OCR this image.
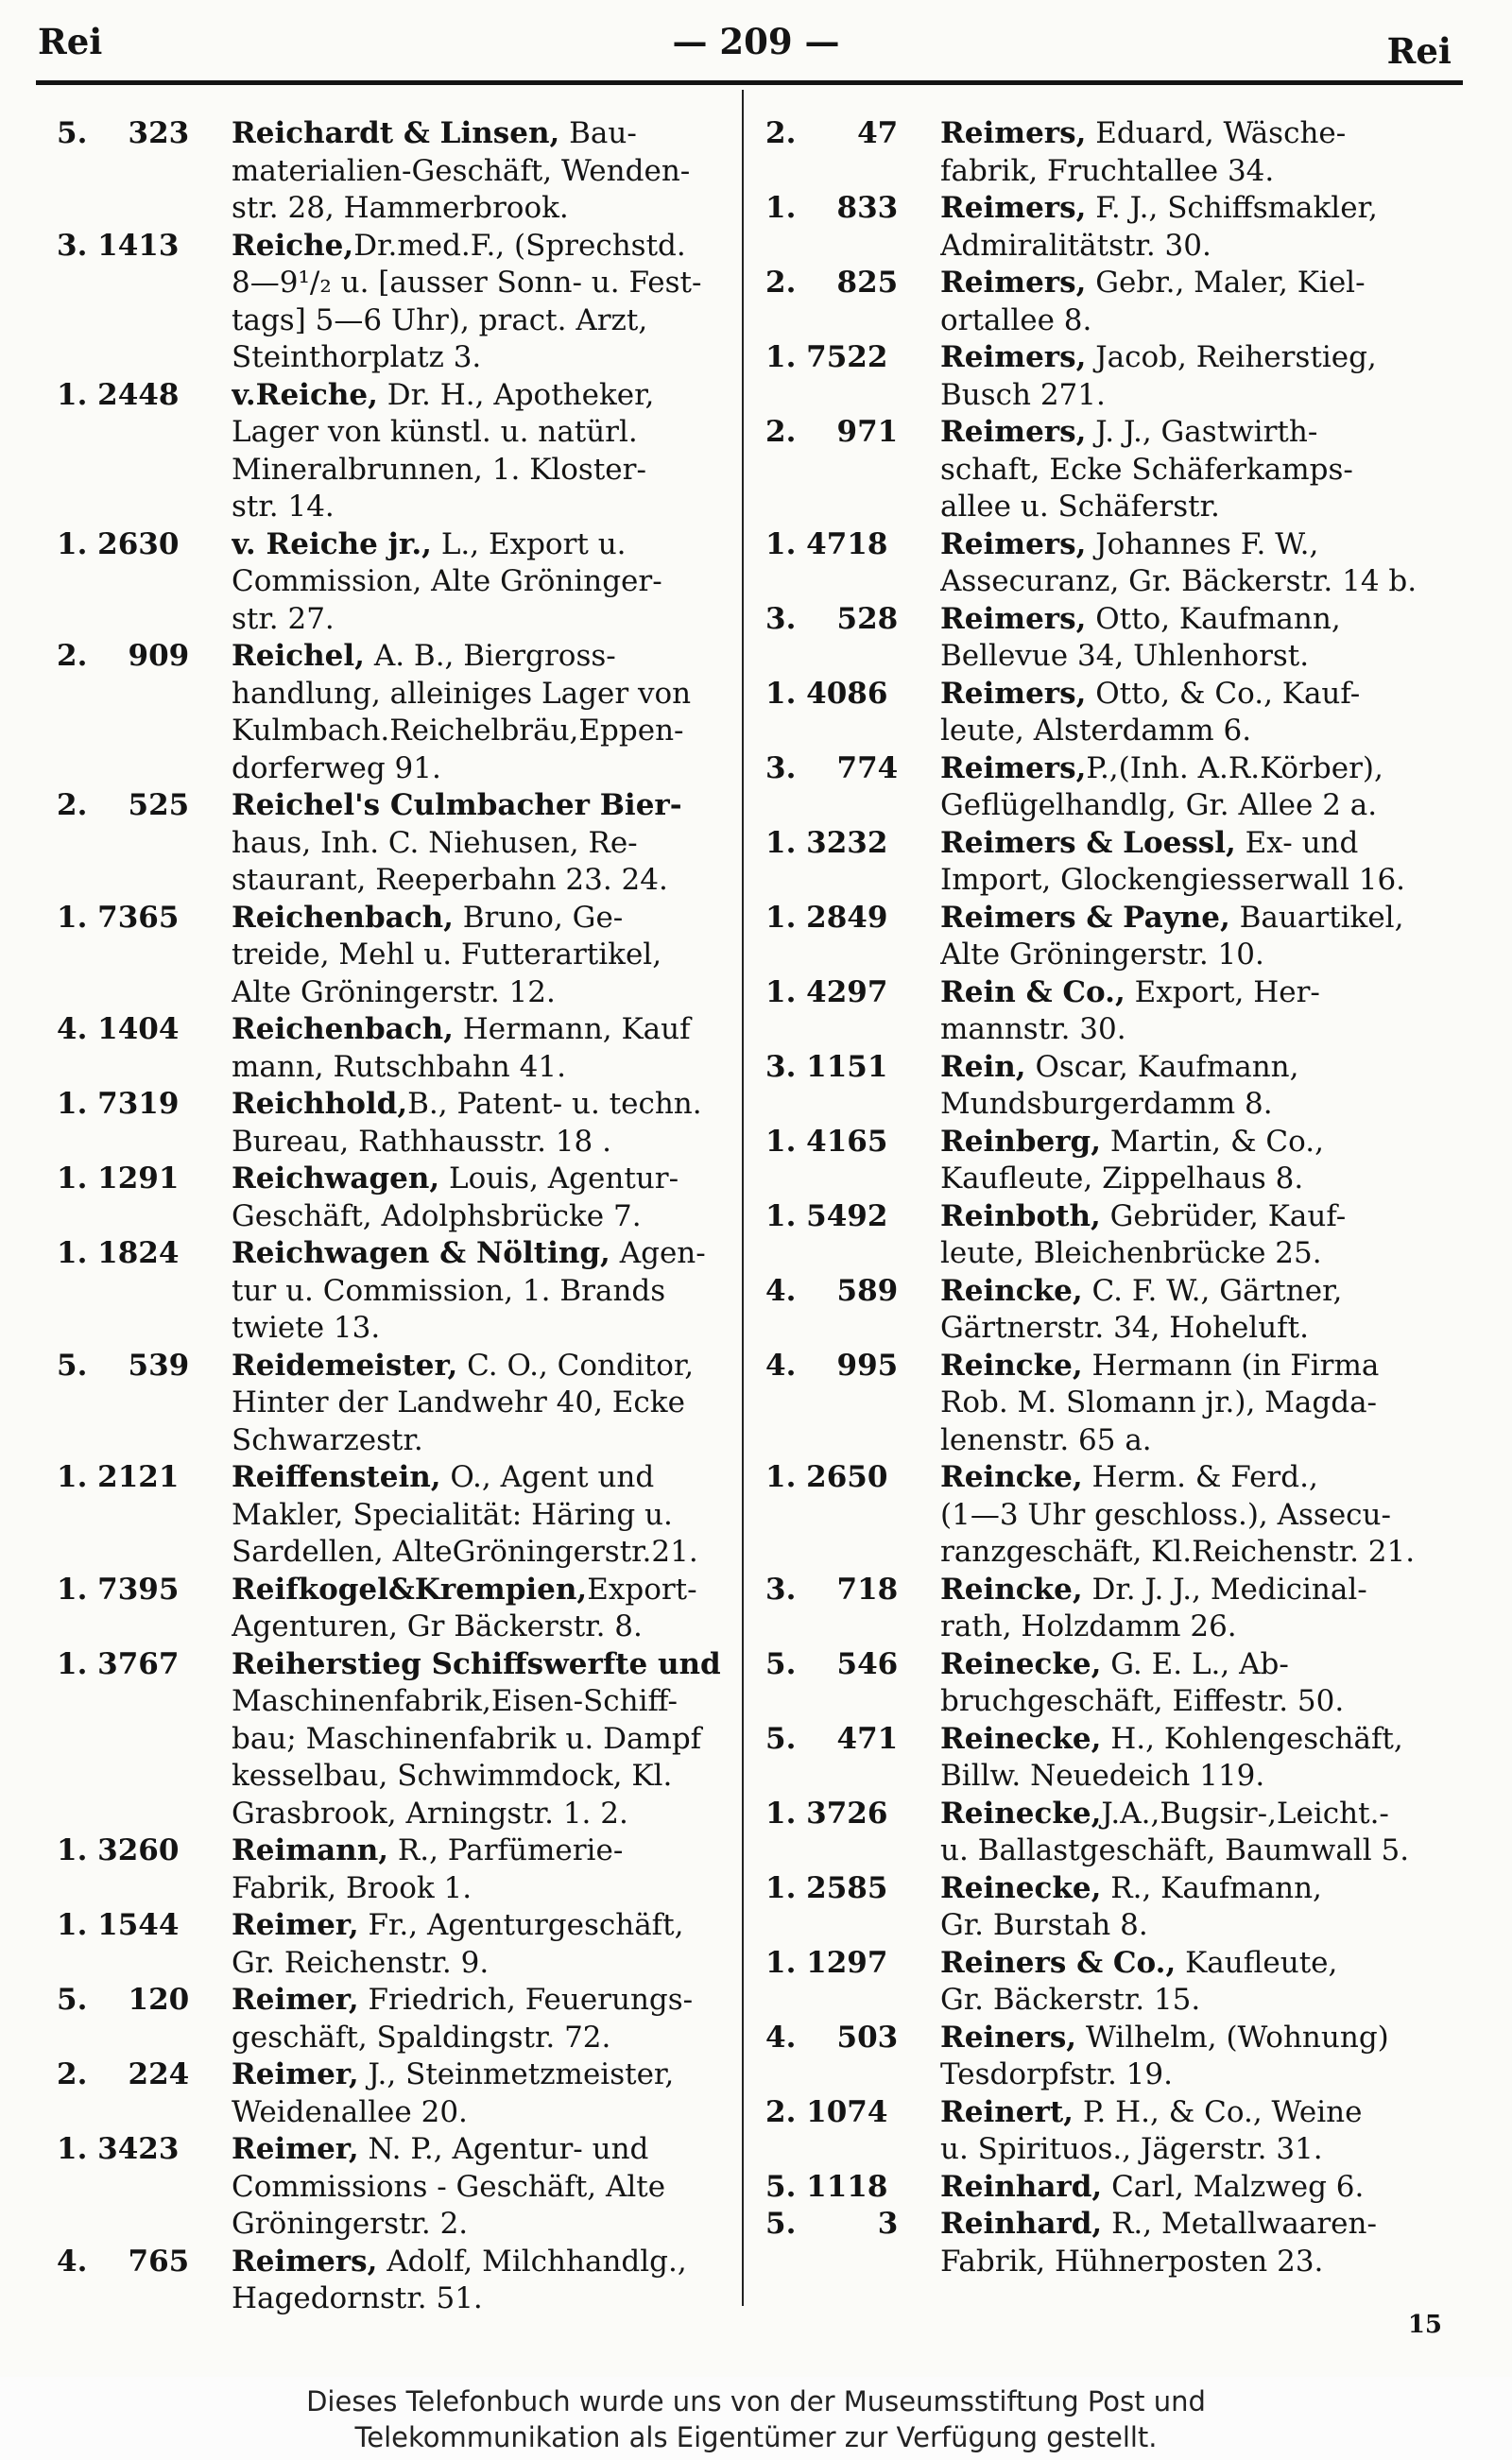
Rei	— 209 —	Rei
5.    323	Reichardt & Linsen, Bau-
materialien-Geschäft, Wenden-
str. 28, Hammerbrook.
3. 1413	Reiche,Dr.med.F., (Sprechstd.
8—9¹/₂ u. [ausser Sonn- u. Fest-
tags] 5—6 Uhr), pract. Arzt,
Steinthorplatz 3.
1. 2448	v.Reiche, Dr. H., Apotheker,
Lager von künstl. u. natürl.
Mineralbrunnen, 1. Kloster-
str. 14.
1. 2630	v. Reiche jr., L., Export u.
Commission, Alte Gröninger-
str. 27.
2.    909	Reichel, A. B., Biergross-
handlung, alleiniges Lager von
Kulmbach.Reichelbräu,Eppen-
dorferweg 91.
2.    525	Reichel's Culmbacher Bier-
haus, Inh. C. Niehusen, Re-
staurant, Reeperbahn 23. 24.
1. 7365	Reichenbach, Bruno, Ge-
treide, Mehl u. Futterartikel,
Alte Gröningerstr. 12.
4. 1404	Reichenbach, Hermann, Kauf
mann, Rutschbahn 41.
1. 7319	Reichhold,B., Patent- u. techn.
Bureau, Rathhausstr. 18 .
1. 1291	Reichwagen, Louis, Agentur-
Geschäft, Adolphsbrücke 7.
1. 1824	Reichwagen & Nölting, Agen-
tur u. Commission, 1. Brands
twiete 13.
5.    539	Reidemeister, C. O., Conditor,
Hinter der Landwehr 40, Ecke
Schwarzestr.
1. 2121	Reiffenstein, O., Agent und
Makler, Specialität: Häring u.
Sardellen, AlteGröningerstr.21.
1. 7395	Reifkogel&Krempien,Export-
Agenturen, Gr Bäckerstr. 8.
1. 3767	Reiherstieg Schiffswerfte und
Maschinenfabrik,Eisen-Schiff-
bau; Maschinenfabrik u. Dampf
kesselbau, Schwimmdock, Kl.
Grasbrook, Arningstr. 1. 2.
1. 3260	Reimann, R., Parfümerie-
Fabrik, Brook 1.
1. 1544	Reimer, Fr., Agenturgeschäft,
Gr. Reichenstr. 9.
5.    120	Reimer, Friedrich, Feuerungs-
geschäft, Spaldingstr. 72.
2.    224	Reimer, J., Steinmetzmeister,
Weidenallee 20.
1. 3423	Reimer, N. P., Agentur- und
Commissions - Geschäft, Alte
Gröningerstr. 2.
4.    765	Reimers, Adolf, Milchhandlg.,
Hagedornstr. 51.
2.      47	Reimers, Eduard, Wäsche-
fabrik, Fruchtallee 34.
1.    833	Reimers, F. J., Schiffsmakler,
Admiralitätstr. 30.
2.    825	Reimers, Gebr., Maler, Kiel-
ortallee 8.
1. 7522	Reimers, Jacob, Reiherstieg,
Busch 271.
2.    971	Reimers, J. J., Gastwirth-
schaft, Ecke Schäferkamps-
allee u. Schäferstr.
1. 4718	Reimers, Johannes F. W.,
Assecuranz, Gr. Bäckerstr. 14 b.
3.    528	Reimers, Otto, Kaufmann,
Bellevue 34, Uhlenhorst.
1. 4086	Reimers, Otto, & Co., Kauf-
leute, Alsterdamm 6.
3.    774	Reimers,P.,(Inh. A.R.Körber),
Geflügelhandlg, Gr. Allee 2 a.
1. 3232	Reimers & Loessl, Ex- und
Import, Glockengiesserwall 16.
1. 2849	Reimers & Payne, Bauartikel,
Alte Gröningerstr. 10.
1. 4297	Rein & Co., Export, Her-
mannstr. 30.
3. 1151	Rein, Oscar, Kaufmann,
Mundsburgerdamm 8.
1. 4165	Reinberg, Martin, & Co.,
Kaufleute, Zippelhaus 8.
1. 5492	Reinboth, Gebrüder, Kauf-
leute, Bleichenbrücke 25.
4.    589	Reincke, C. F. W., Gärtner,
Gärtnerstr. 34, Hoheluft.
4.    995	Reincke, Hermann (in Firma
Rob. M. Slomann jr.), Magda-
lenenstr. 65 a.
1. 2650	Reincke, Herm. & Ferd.,
(1—3 Uhr geschloss.), Assecu-
ranzgeschäft, Kl.Reichenstr. 21.
3.    718	Reincke, Dr. J. J., Medicinal-
rath, Holzdamm 26.
5.    546	Reinecke, G. E. L., Ab-
bruchgeschäft, Eiffestr. 50.
5.    471	Reinecke, H., Kohlengeschäft,
Billw. Neuedeich 119.
1. 3726	Reinecke,J.A.,Bugsir-,Leicht.-
u. Ballastgeschäft, Baumwall 5.
1. 2585	Reinecke, R., Kaufmann,
Gr. Burstah 8.
1. 1297	Reiners & Co., Kaufleute,
Gr. Bäckerstr. 15.
4.    503	Reiners, Wilhelm, (Wohnung)
Tesdorpfstr. 19.
2. 1074	Reinert, P. H., & Co., Weine
u. Spirituos., Jägerstr. 31.
5. 1118	Reinhard, Carl, Malzweg 6.
5.        3	Reinhard, R., Metallwaaren-
Fabrik, Hühnerposten 23.
15
Dieses Telefonbuch wurde uns von der Museumsstiftung Post und
Telekommunikation als Eigentümer zur Verfügung gestellt.
